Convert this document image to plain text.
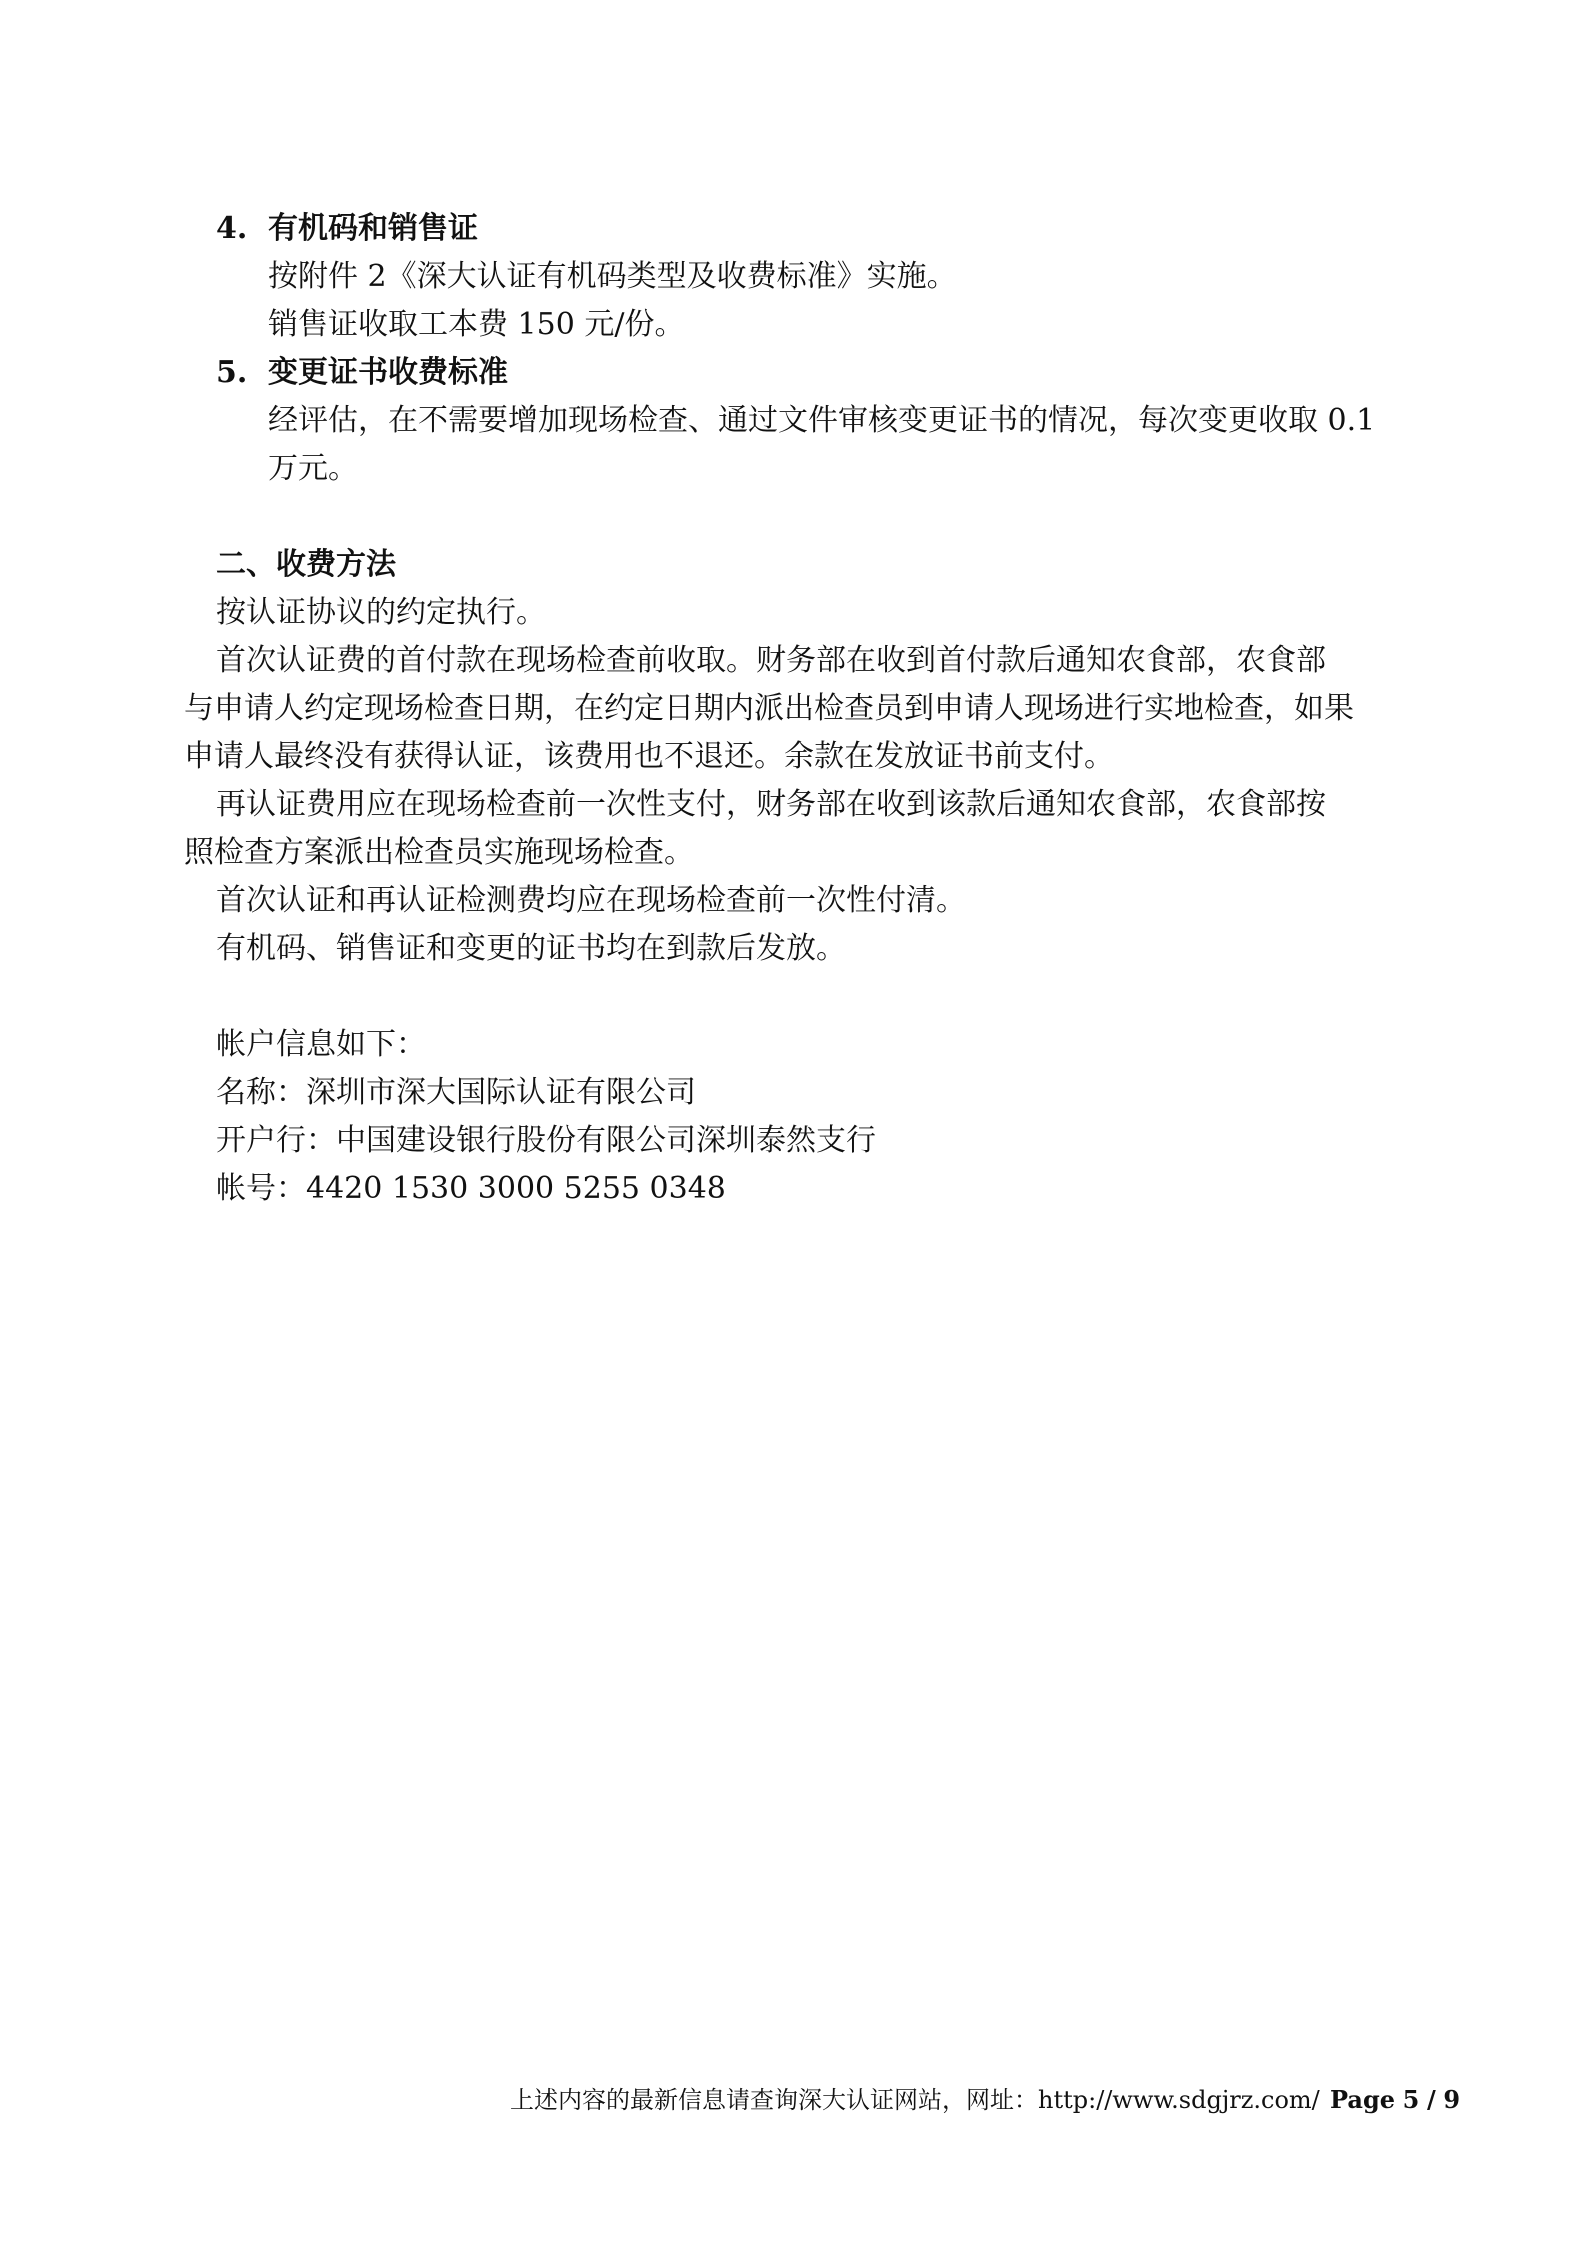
4. 有机码和销售证
按附件 2《深大认证有机码类型及收费标准》实施。
销售证收取工本费 150 元/份。
5. 变更证书收费标准
经评估，在不需要增加现场检查、通过文件审核变更证书的情况，每次变更收取 0.1
万元。
二、收费方法
按认证协议的约定执行。
首次认证费的首付款在现场检查前收取。财务部在收到首付款后通知农食部，农食部
与申请人约定现场检查日期，在约定日期内派出检查员到申请人现场进行实地检查，如果
申请人最终没有获得认证，该费用也不退还。余款在发放证书前支付。
再认证费用应在现场检查前一次性支付，财务部在收到该款后通知农食部，农食部按
照检查方案派出检查员实施现场检查。
首次认证和再认证检测费均应在现场检查前一次性付清。
有机码、销售证和变更的证书均在到款后发放。
帐户信息如下：
名称：深圳市深大国际认证有限公司
开户行：中国建设银行股份有限公司深圳泰然支行
帐号：4420 1530 3000 5255 0348
上述内容的最新信息请查询深大认证网站，网址：http://www.sdgjrz.com/ Page 5 / 9
